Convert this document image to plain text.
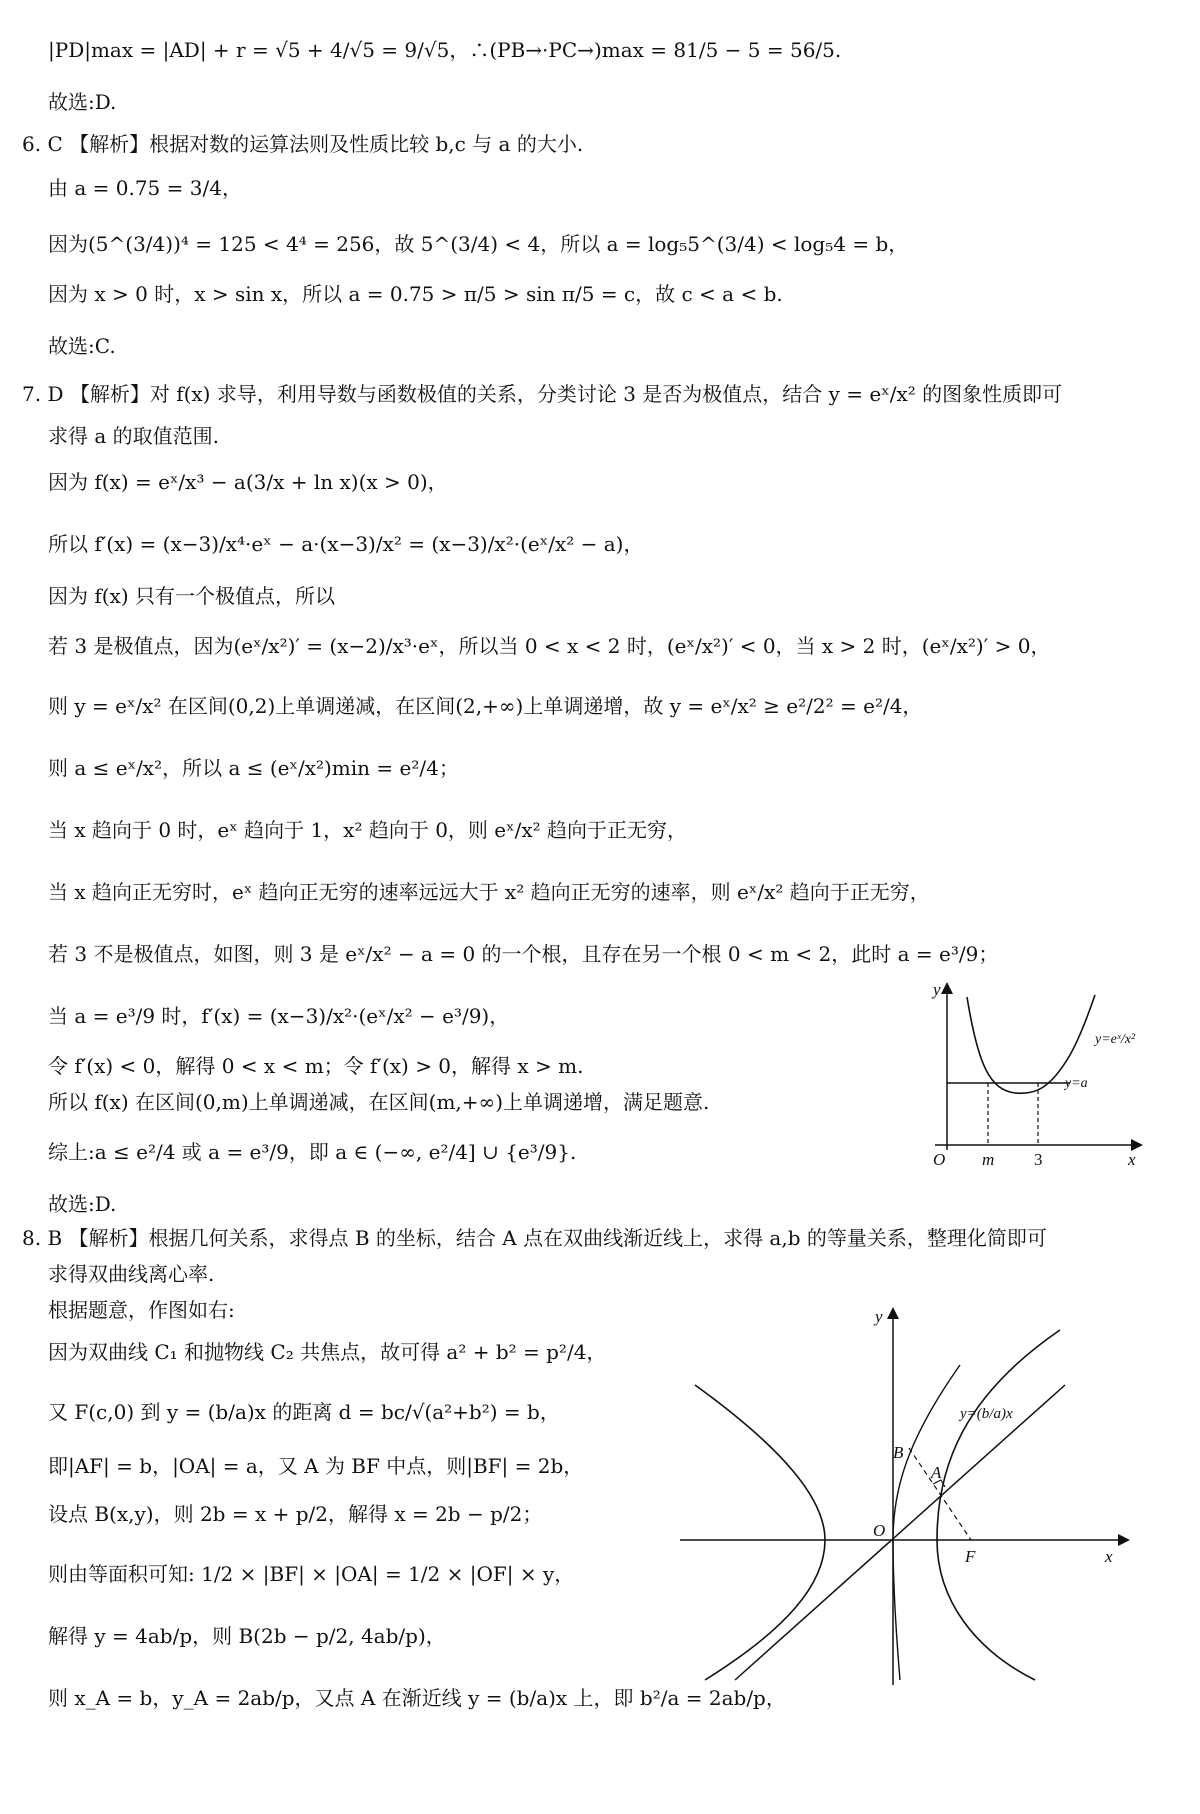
|PD|max = |AD| + r = √5 + 4/√5 = 9/√5，∴(PB→·PC→)max = 81/5 − 5 = 56/5.
故选:D.
6. C 【解析】根据对数的运算法则及性质比较 b,c 与 a 的大小.
由 a = 0.75 = 3/4，
因为(5^(3/4))⁴ = 125 < 4⁴ = 256，故 5^(3/4) < 4，所以 a = log₅5^(3/4) < log₅4 = b，
因为 x > 0 时，x > sin x，所以 a = 0.75 > π/5 > sin π/5 = c，故 c < a < b.
故选:C.
7. D 【解析】对 f(x) 求导，利用导数与函数极值的关系，分类讨论 3 是否为极值点，结合 y = eˣ/x² 的图象性质即可
求得 a 的取值范围.
因为 f(x) = eˣ/x³ − a(3/x + ln x)(x > 0)，
所以 f′(x) = (x−3)/x⁴·eˣ − a·(x−3)/x² = (x−3)/x²·(eˣ/x² − a)，
因为 f(x) 只有一个极值点，所以
若 3 是极值点，因为(eˣ/x²)′ = (x−2)/x³·eˣ，所以当 0 < x < 2 时，(eˣ/x²)′ < 0，当 x > 2 时，(eˣ/x²)′ > 0，
则 y = eˣ/x² 在区间(0,2)上单调递减，在区间(2,+∞)上单调递增，故 y = eˣ/x² ≥ e²/2² = e²/4，
则 a ≤ eˣ/x²，所以 a ≤ (eˣ/x²)min = e²/4；
当 x 趋向于 0 时，eˣ 趋向于 1，x² 趋向于 0，则 eˣ/x² 趋向于正无穷，
当 x 趋向正无穷时，eˣ 趋向正无穷的速率远远大于 x² 趋向正无穷的速率，则 eˣ/x² 趋向于正无穷，
若 3 不是极值点，如图，则 3 是 eˣ/x² − a = 0 的一个根，且存在另一个根 0 < m < 2，此时 a = e³/9；
当 a = e³/9 时，f′(x) = (x−3)/x²·(eˣ/x² − e³/9)，
令 f′(x) < 0，解得 0 < x < m；令 f′(x) > 0，解得 x > m.
所以 f(x) 在区间(0,m)上单调递减，在区间(m,+∞)上单调递增，满足题意.
综上:a ≤ e²/4 或 a = e³/9，即 a ∈ (−∞, e²/4] ∪ {e³/9}.
故选:D.
8. B 【解析】根据几何关系，求得点 B 的坐标，结合 A 点在双曲线渐近线上，求得 a,b 的等量关系，整理化简即可
求得双曲线离心率.
根据题意，作图如右:
因为双曲线 C₁ 和抛物线 C₂ 共焦点，故可得 a² + b² = p²/4，
又 F(c,0) 到 y = (b/a)x 的距离 d = bc/√(a²+b²) = b，
即|AF| = b，|OA| = a，又 A 为 BF 中点，则|BF| = 2b，
设点 B(x,y)，则 2b = x + p/2，解得 x = 2b − p/2；
则由等面积可知: 1/2 × |BF| × |OA| = 1/2 × |OF| × y，
解得 y = 4ab/p，则 B(2b − p/2, 4ab/p)，
则 x_A = b，y_A = 2ab/p，又点 A 在渐近线 y = (b/a)x 上，即 b²/a = 2ab/p，
y
x
O m 3
y=a
y=eˣ/x²
y
x
O
B
A
F
y=(b/a)x
